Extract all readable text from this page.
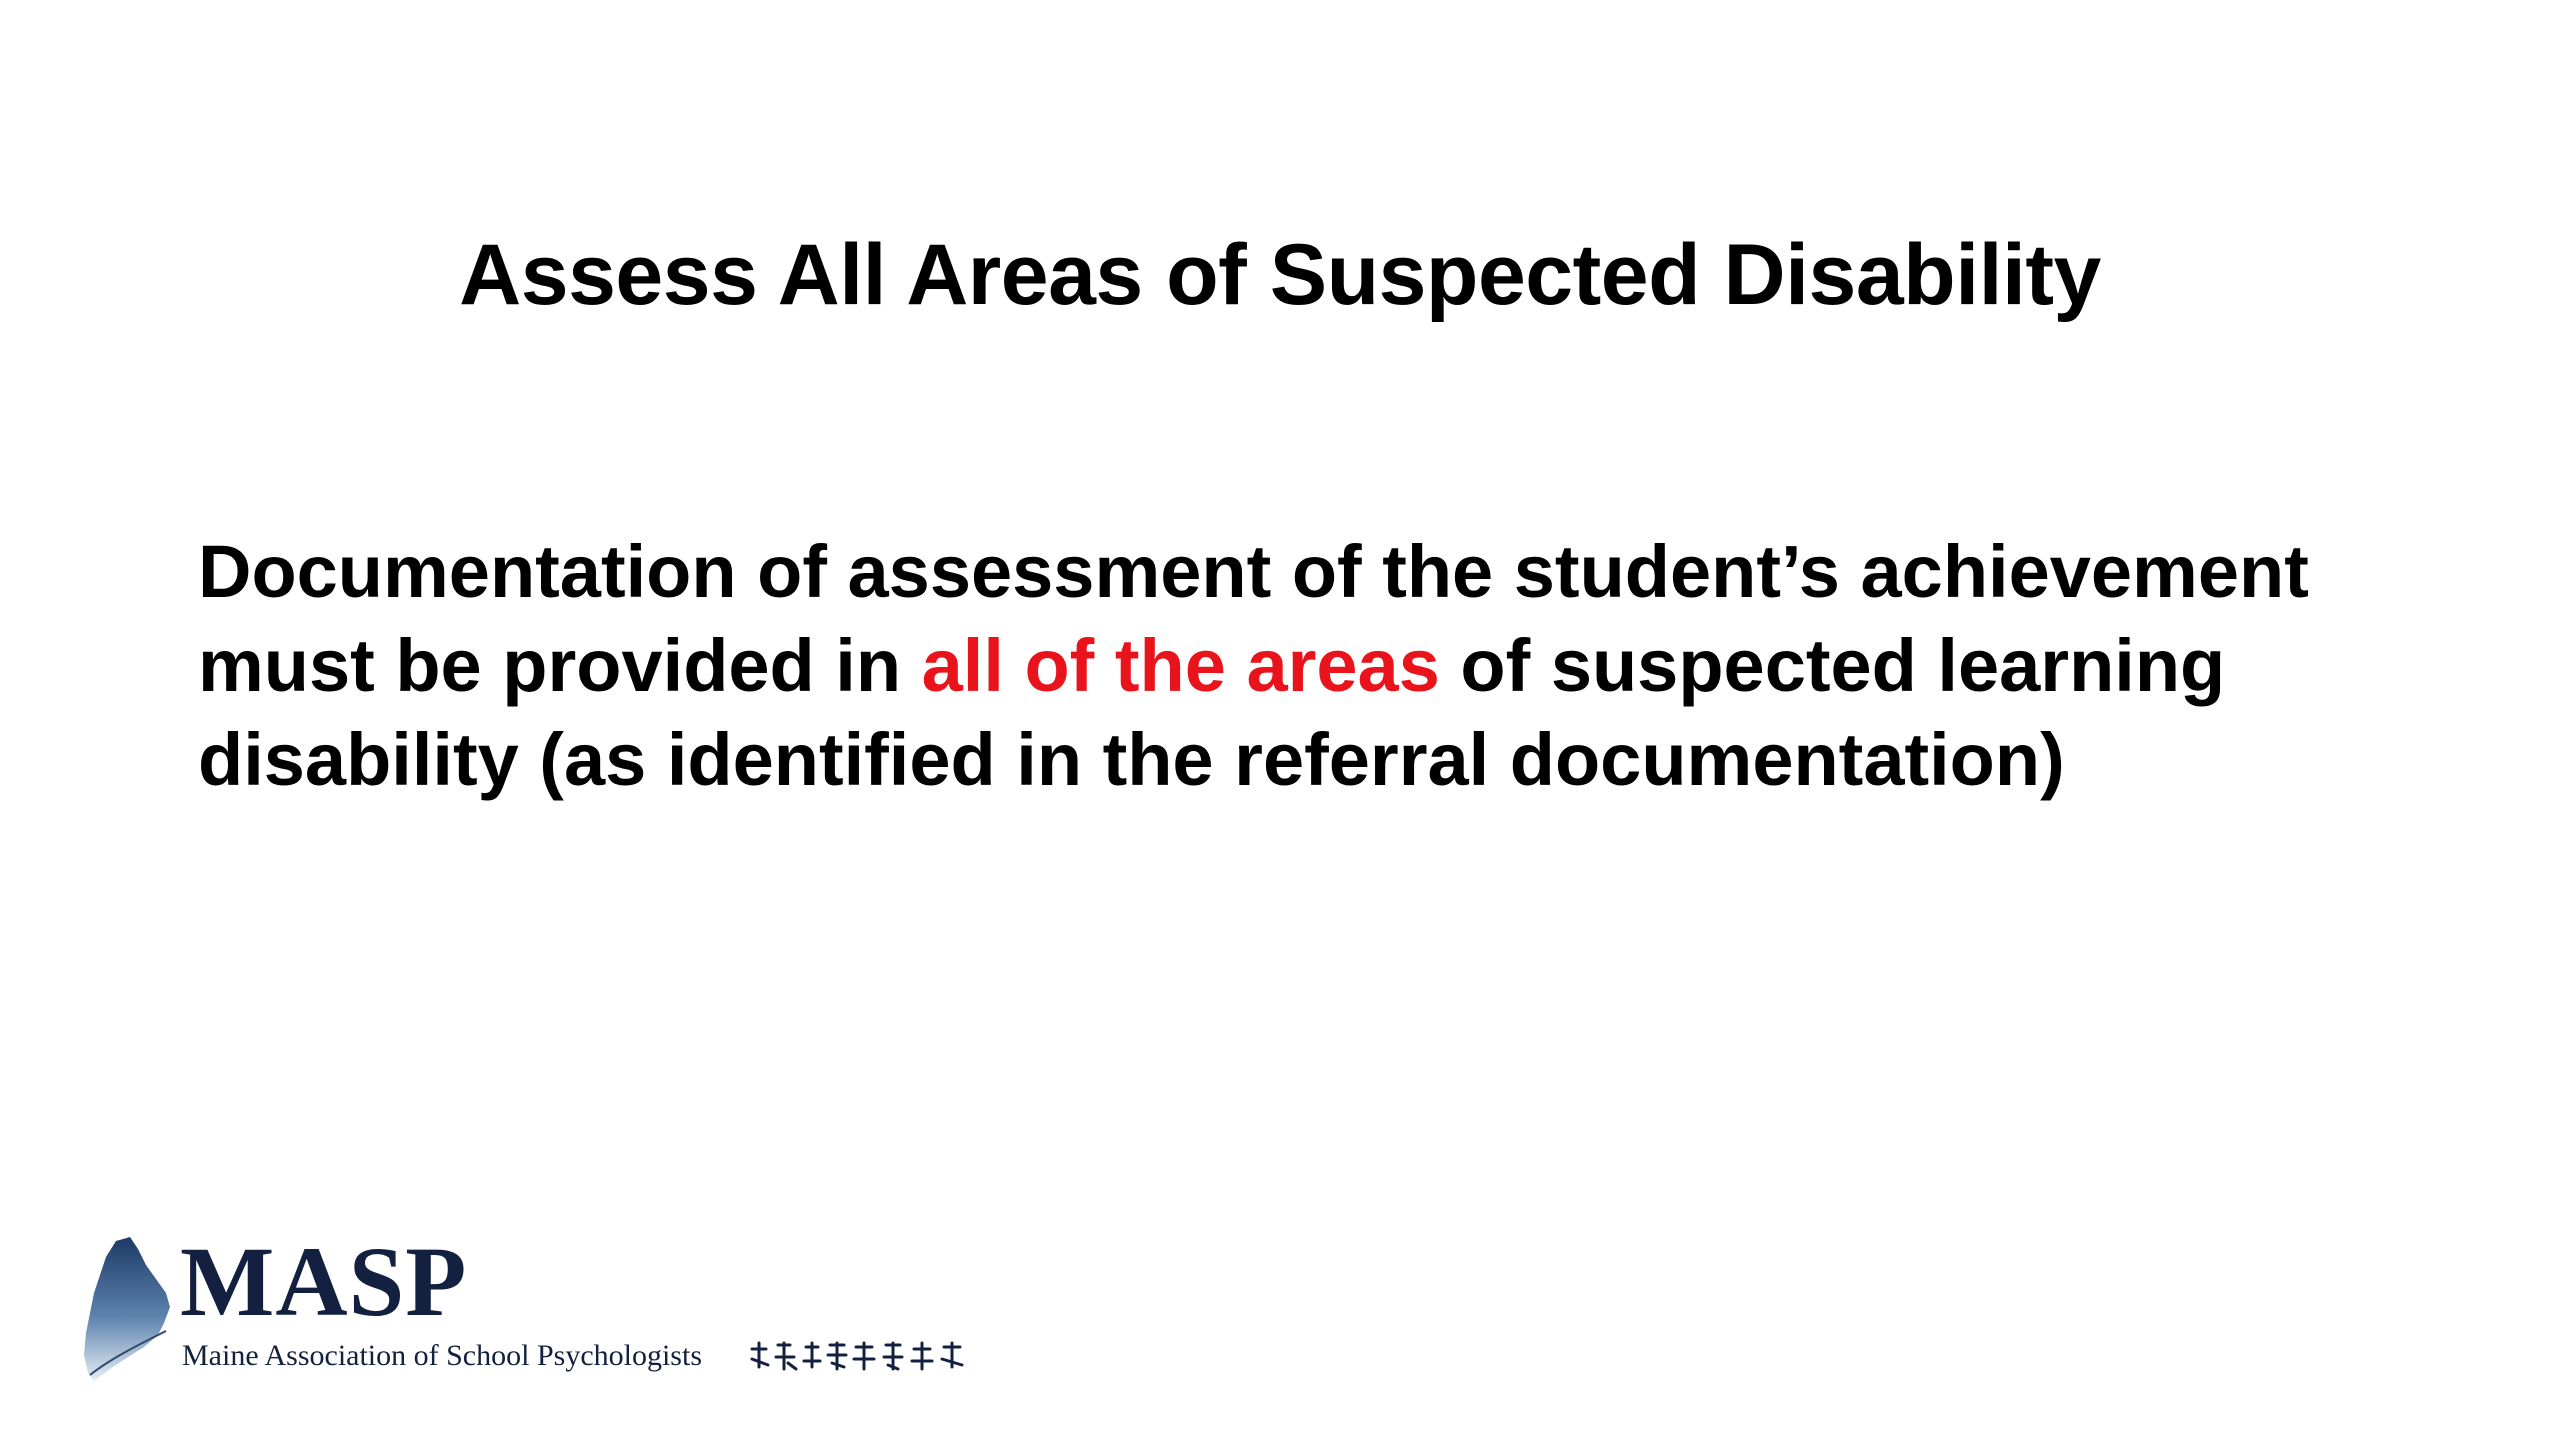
Assess All Areas of Suspected Disability
Documentation of assessment of the student’s achievement
must be provided in all of the areas of suspected learning
disability (as identified in the referral documentation)
MASP
Maine Association of School Psychologists
